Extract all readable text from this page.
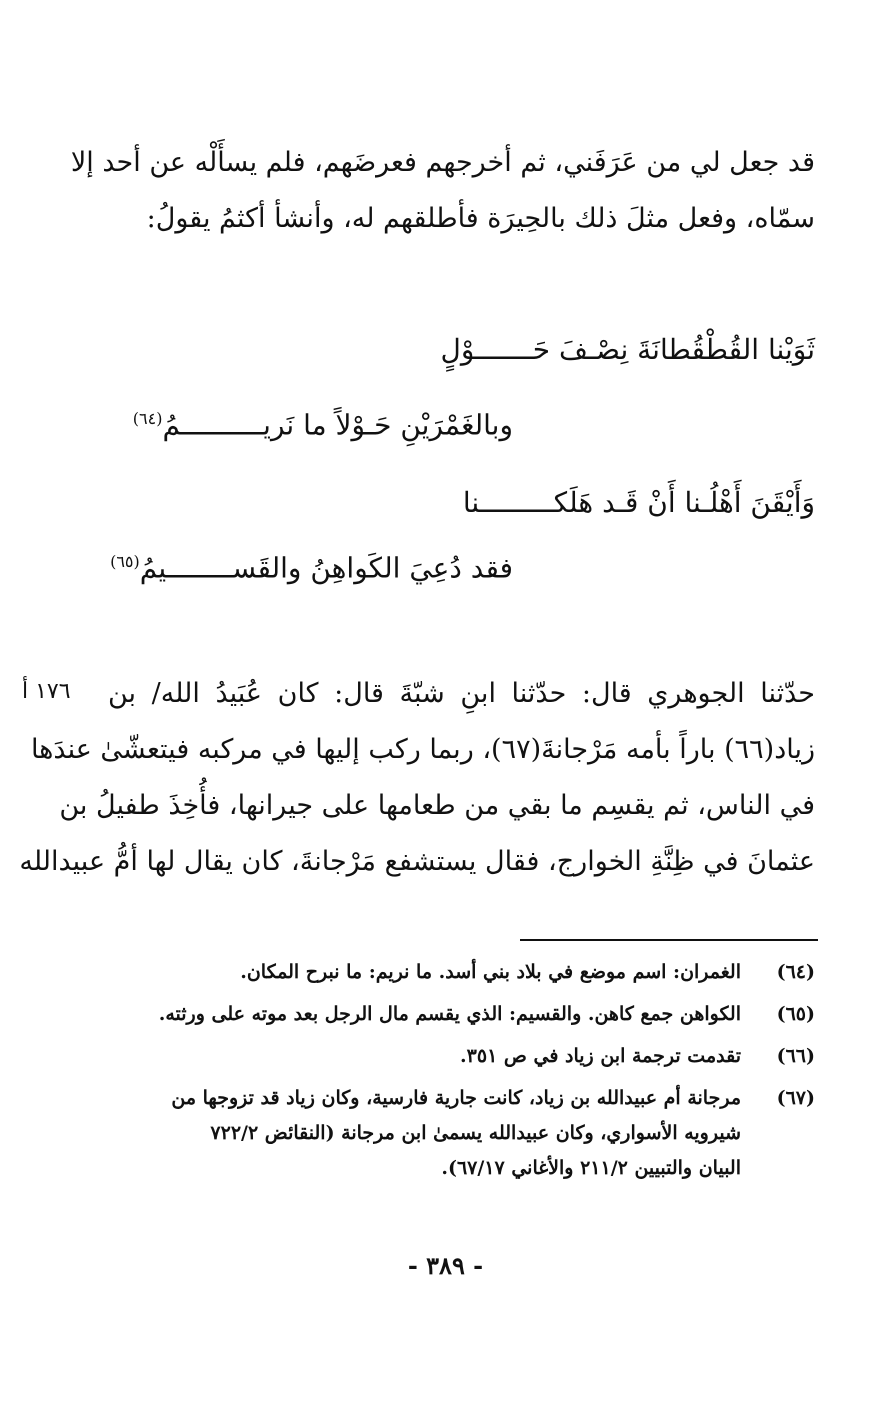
قد جعل لي من عَرَفَني، ثم أخرجهم فعرضَهم، فلم يسأَلْه عن أحد إلا
سمّاه، وفعل مثلَ ذلك بالحِيرَة فأطلقهم له، وأنشأ أكثمُ يقولُ:
ثَوَيْنا القُطْقُطانَةَ نِصْـفَ حَـــــــوْلٍ
وبالغَمْرَيْنِ حَـوْلاً ما نَريــــــــــمُ$^{(٦٤)}$
وَأَيْقَنَ أَهْلُـنا أَنْ قَـد هَلَكـــــــــنا
فقد دُعِيَ الكَواهِنُ والقَســــــــيمُ$^{(٦٥)}$
١٧٦ أ حدّثنا الجوهري قال: حدّثنا ابنِ شبّةَ قال: كان عُبَيدُ الله/ بن
زياد(٦٦) باراً بأمه مَرْجانةَ(٦٧)، ربما ركب إليها في مركبه فيتعشّىٰ عندَها
في الناس، ثم يقسِم ما بقي من طعامها على جيرانها، فأُخِذَ طفيلُ بن
عثمانَ في ظِنَّةِ الخوارج، فقال يستشفع مَرْجانةَ، كان يقال لها أمُّ عبيدالله
(٦٤)
الغمران: اسم موضع في بلاد بني أسد. ما نريم: ما نبرح المكان.
(٦٥)
الكواهن جمع كاهن. والقسيم: الذي يقسم مال الرجل بعد موته على ورثته.
(٦٦)
تقدمت ترجمة ابن زياد في ص ٣٥١.
(٦٧)
مرجانة أم عبيدالله بن زياد، كانت جارية فارسية، وكان زياد قد تزوجها من
شيرويه الأسواري، وكان عبيدالله يسمىٰ ابن مرجانة (النقائض ٧٢٢/٢
البيان والتبيين ٢١١/٢ والأغاني ٦٧/١٧).
- ٣٨٩ -
